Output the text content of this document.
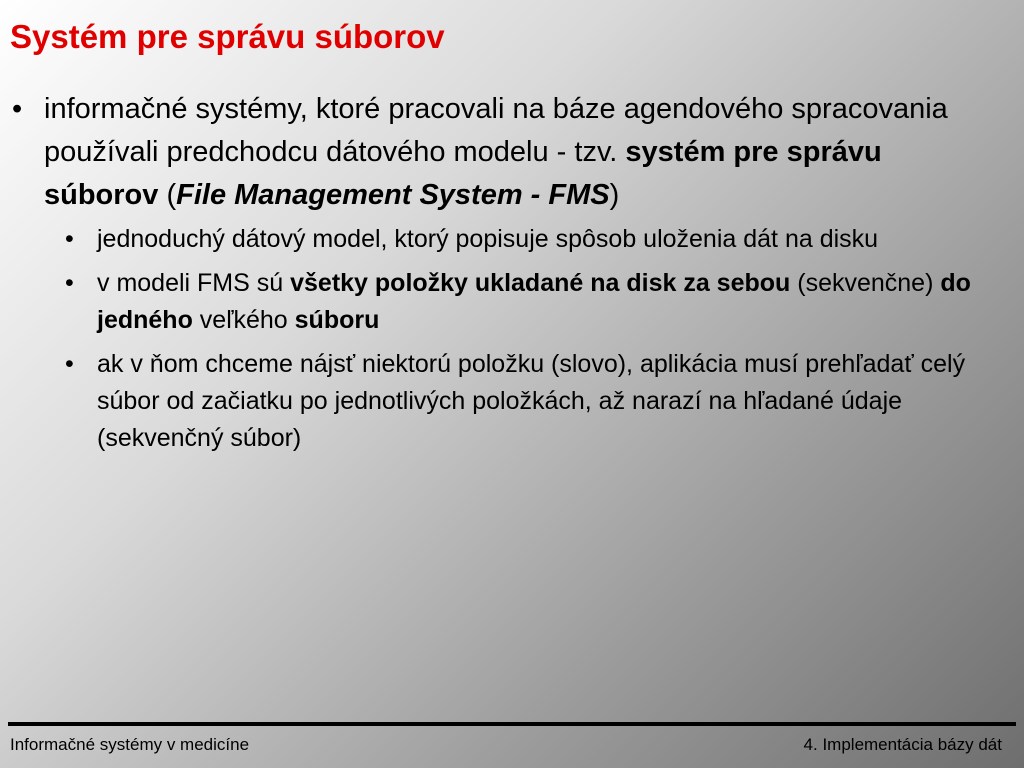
Systém pre správu súborov
• informačné systémy, ktoré pracovali na báze agendového spracovania používali predchodcu dátového modelu - tzv. systém pre správu súborov (File Management System - FMS)
• jednoduchý dátový model, ktorý popisuje spôsob uloženia dát na disku
• v modeli FMS sú všetky položky ukladané na disk za sebou (sekvenčne) do jedného veľkého súboru
• ak v ňom chceme nájsť niektorú položku (slovo), aplikácia musí prehľadať celý súbor od začiatku po jednotlivých položkách, až narazí na hľadané údaje (sekvenčný súbor)
Informačné systémy v medicíne	4. Implementácia bázy dát
